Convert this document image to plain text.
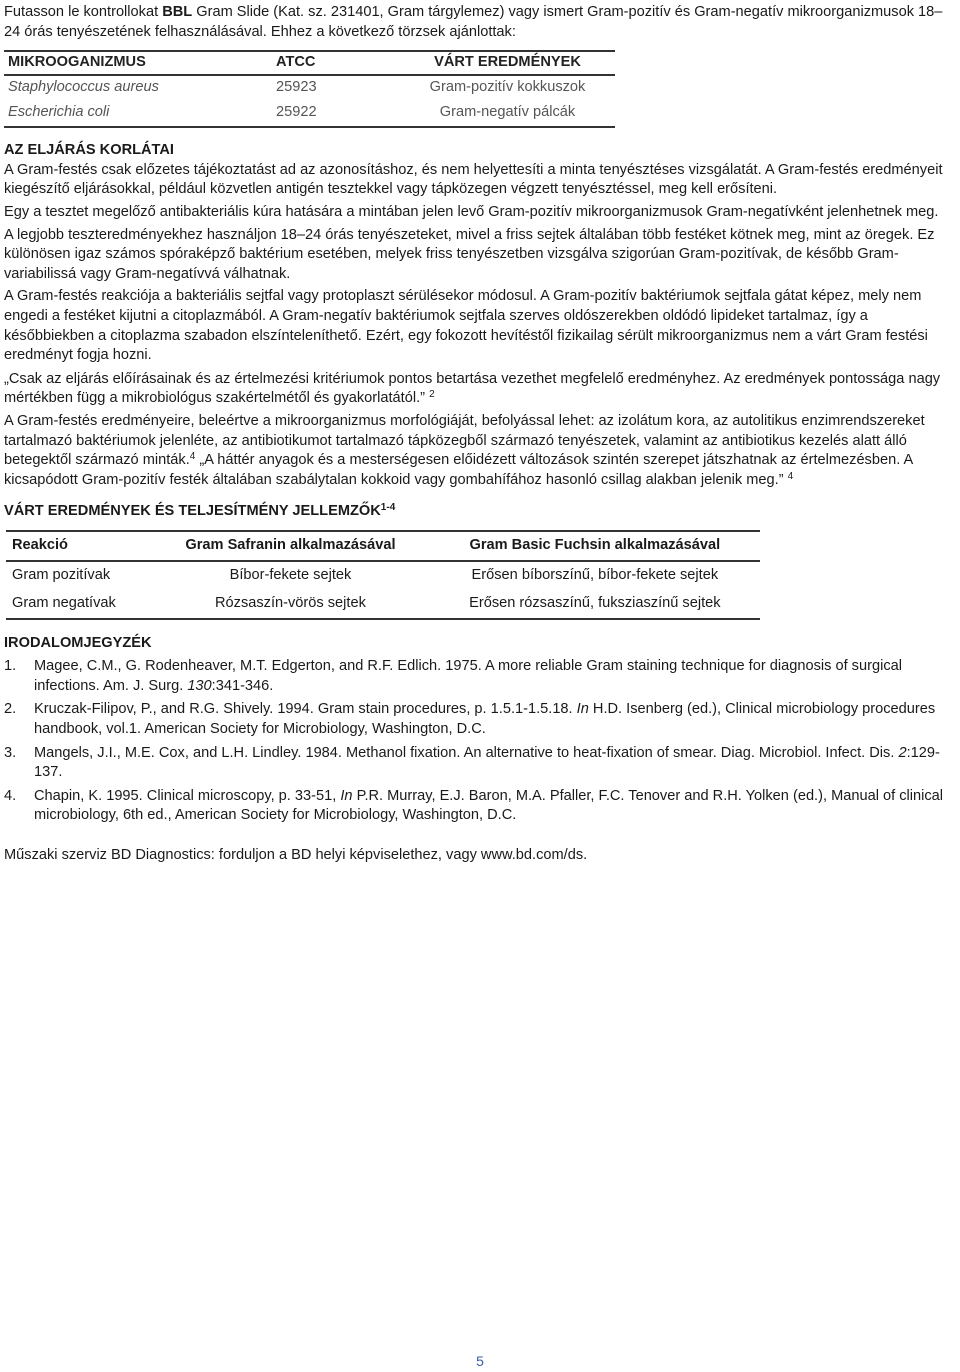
Futasson le kontrollokat BBL Gram Slide (Kat. sz. 231401, Gram tárgylemez) vagy ismert Gram-pozitív és Gram-negatív mikroorganizmusok 18–24 órás tenyészetének felhasználásával. Ehhez a következő törzsek ajánlottak:

MIKROOGANIZMUS	ATCC	VÁRT EREDMÉNYEK
Staphylococcus aureus	25923	Gram-pozitív kokkuszok
Escherichia coli	25922	Gram-negatív pálcák

AZ ELJÁRÁS KORLÁTAI

A Gram-festés csak előzetes tájékoztatást ad az azonosításhoz, és nem helyettesíti a minta tenyésztéses vizsgálatát. A Gram-festés eredményeit kiegészítő eljárásokkal, például közvetlen antigén tesztekkel vagy tápközegen végzett tenyésztéssel, meg kell erősíteni.

Egy a tesztet megelőző antibakteriális kúra hatására a mintában jelen levő Gram-pozitív mikroorganizmusok Gram-negatívként jelenhetnek meg.

A legjobb teszteredményekhez használjon 18–24 órás tenyészeteket, mivel a friss sejtek általában több festéket kötnek meg, mint az öregek. Ez különösen igaz számos spóraképző baktérium esetében, melyek friss tenyészetben vizsgálva szigorúan Gram-pozitívak, de később Gram-variabilissá vagy Gram-negatívvá válhatnak.

A Gram-festés reakciója a bakteriális sejtfal vagy protoplaszt sérülésekor módosul. A Gram-pozitív baktériumok sejtfala gátat képez, mely nem engedi a festéket kijutni a citoplazmából. A Gram-negatív baktériumok sejtfala szerves oldószerekben oldódó lipideket tartalmaz, így a későbbiekben a citoplazma szabadon elszínteleníthető. Ezért, egy fokozott hevítéstől fizikailag sérült mikroorganizmus nem a várt Gram festési eredményt fogja hozni.

„Csak az eljárás előírásainak és az értelmezési kritériumok pontos betartása vezethet megfelelő eredményhez. Az eredmények pontossága nagy mértékben függ a mikrobiológus szakértelmétől és gyakorlatától.” $^2$

A Gram-festés eredményeire, beleértve a mikroorganizmus morfológiáját, befolyással lehet: az izolátum kora, az autolitikus enzimrendszereket tartalmazó baktériumok jelenléte, az antibiotikumot tartalmazó tápközegből származó tenyészetek, valamint az antibiotikus kezelés alatt álló betegektől származó minták.$^4$ „A háttér anyagok és a mesterségesen előidézett változások szintén szerepet játszhatnak az értelmezésben. A kicsapódott Gram-pozitív festék általában szabálytalan kokkoid vagy gombahífához hasonló csillag alakban jelenik meg.” $^4$

VÁRT EREDMÉNYEK ÉS TELJESÍTMÉNY JELLEMZŐK$^{1-4}$

Reakció	Gram Safranin alkalmazásával	Gram Basic Fuchsin alkalmazásával
Gram pozitívak	Bíbor-fekete sejtek	Erősen bíborszínű, bíbor-fekete sejtek
Gram negatívak	Rózsaszín-vörös sejtek	Erősen rózsaszínű, fuksziaszínű sejtek

IRODALOMJEGYZÉK

1.	Magee, C.M., G. Rodenheaver, M.T. Edgerton, and R.F. Edlich. 1975. A more reliable Gram staining technique for diagnosis of surgical infections. Am. J. Surg. 130:341-346.
2.	Kruczak-Filipov, P., and R.G. Shively. 1994. Gram stain procedures, p. 1.5.1-1.5.18. In H.D. Isenberg (ed.), Clinical microbiology procedures handbook, vol.1. American Society for Microbiology, Washington, D.C.
3.	Mangels, J.I., M.E. Cox, and L.H. Lindley. 1984. Methanol fixation. An alternative to heat-fixation of smear. Diag. Microbiol. Infect. Dis. 2:129-137.
4.	Chapin, K. 1995. Clinical microscopy, p. 33-51, In P.R. Murray, E.J. Baron, M.A. Pfaller, F.C. Tenover and R.H. Yolken (ed.), Manual of clinical microbiology, 6th ed., American Society for Microbiology, Washington, D.C.

Műszaki szerviz BD Diagnostics: forduljon a BD helyi képviselethez, vagy www.bd.com/ds.

5
